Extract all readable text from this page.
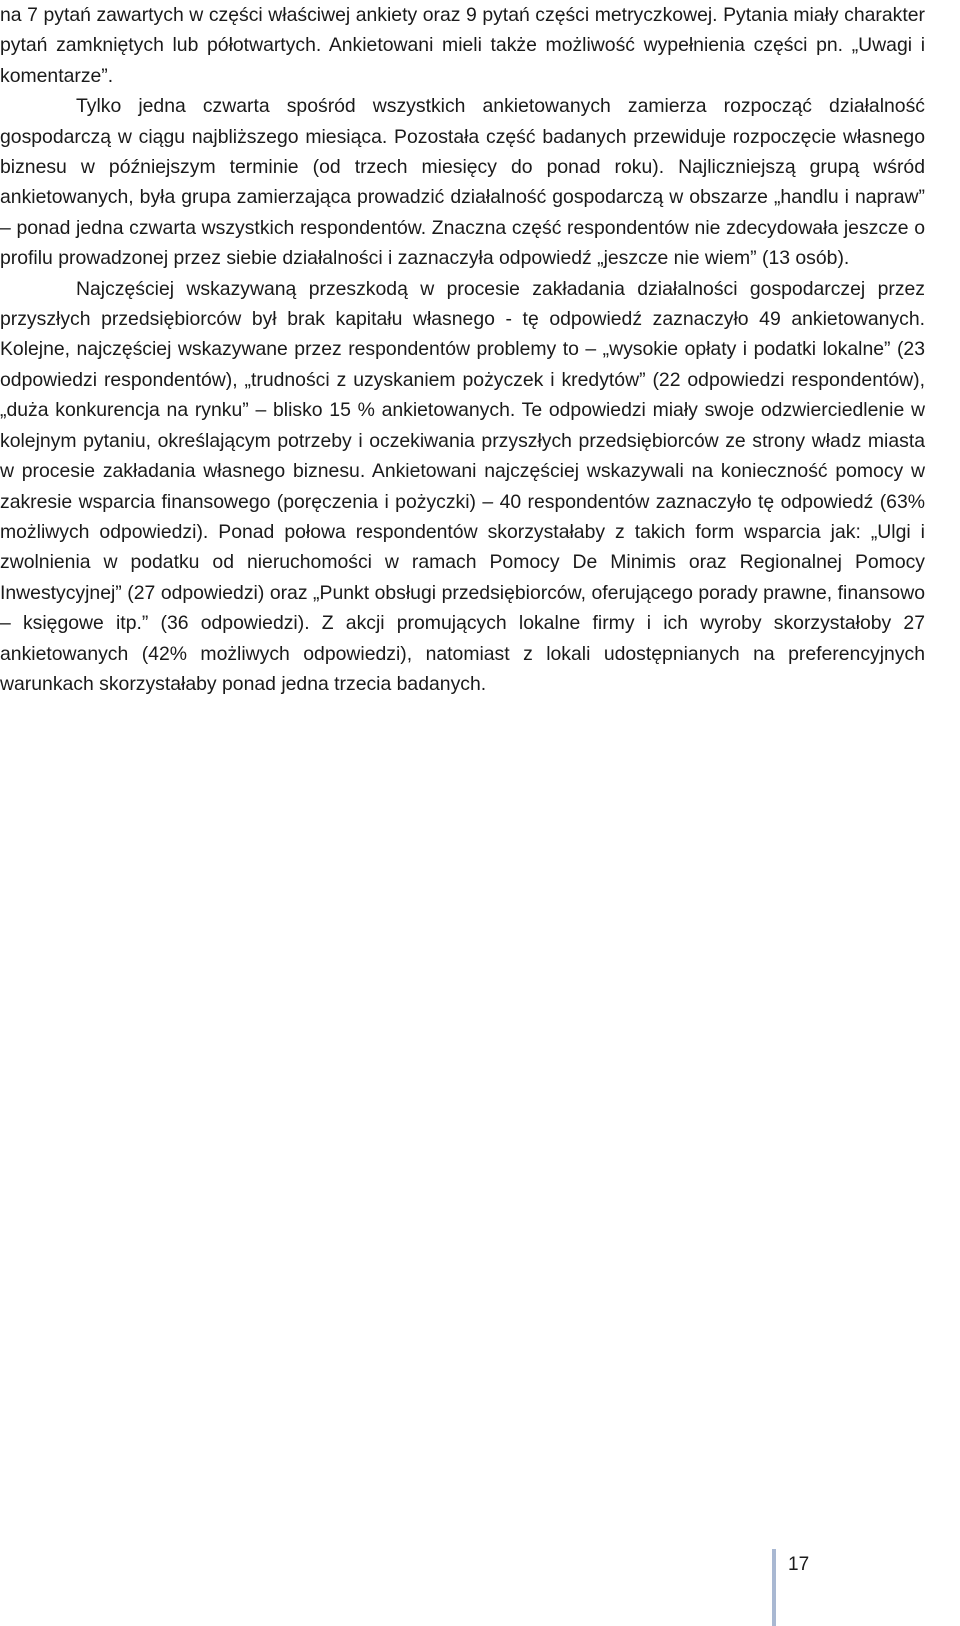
na 7 pytań zawartych w części właściwej ankiety oraz 9 pytań części metryczkowej. Pytania miały charakter pytań zamkniętych lub półotwartych. Ankietowani mieli także możliwość wypełnienia części pn. „Uwagi i komentarze”.

Tylko jedna czwarta spośród wszystkich ankietowanych zamierza rozpocząć działalność gospodarczą w ciągu najbliższego miesiąca. Pozostała część badanych przewiduje rozpoczęcie własnego biznesu w późniejszym terminie (od trzech miesięcy do ponad roku). Najliczniejszą grupą wśród ankietowanych, była grupa zamierzająca prowadzić działalność gospodarczą w obszarze „handlu i napraw” – ponad jedna czwarta wszystkich respondentów. Znaczna część respondentów nie zdecydowała jeszcze o profilu prowadzonej przez siebie działalności i zaznaczyła odpowiedź „jeszcze nie wiem” (13 osób).

Najczęściej wskazywaną przeszkodą w procesie zakładania działalności gospodarczej przez przyszłych przedsiębiorców był brak kapitału własnego - tę odpowiedź zaznaczyło 49 ankietowanych. Kolejne, najczęściej wskazywane przez respondentów problemy to – „wysokie opłaty i podatki lokalne” (23 odpowiedzi respondentów), „trudności z uzyskaniem pożyczek i kredytów” (22 odpowiedzi respondentów), „duża konkurencja na rynku” – blisko 15 % ankietowanych. Te odpowiedzi miały swoje odzwierciedlenie w kolejnym pytaniu, określającym potrzeby i oczekiwania przyszłych przedsiębiorców ze strony władz miasta w procesie zakładania własnego biznesu. Ankietowani najczęściej wskazywali na konieczność pomocy w zakresie wsparcia finansowego (poręczenia i pożyczki) – 40 respondentów zaznaczyło tę odpowiedź (63% możliwych odpowiedzi). Ponad połowa respondentów skorzystałaby z takich form wsparcia jak: „Ulgi i zwolnienia w podatku od nieruchomości w ramach Pomocy De Minimis oraz Regionalnej Pomocy Inwestycyjnej” (27 odpowiedzi) oraz „Punkt obsługi przedsiębiorców, oferującego porady prawne, finansowo – księgowe itp.” (36 odpowiedzi). Z akcji promujących lokalne firmy i ich wyroby skorzystałoby 27 ankietowanych (42% możliwych odpowiedzi), natomiast z lokali udostępnianych na preferencyjnych warunkach skorzystałaby ponad jedna trzecia badanych.

17
